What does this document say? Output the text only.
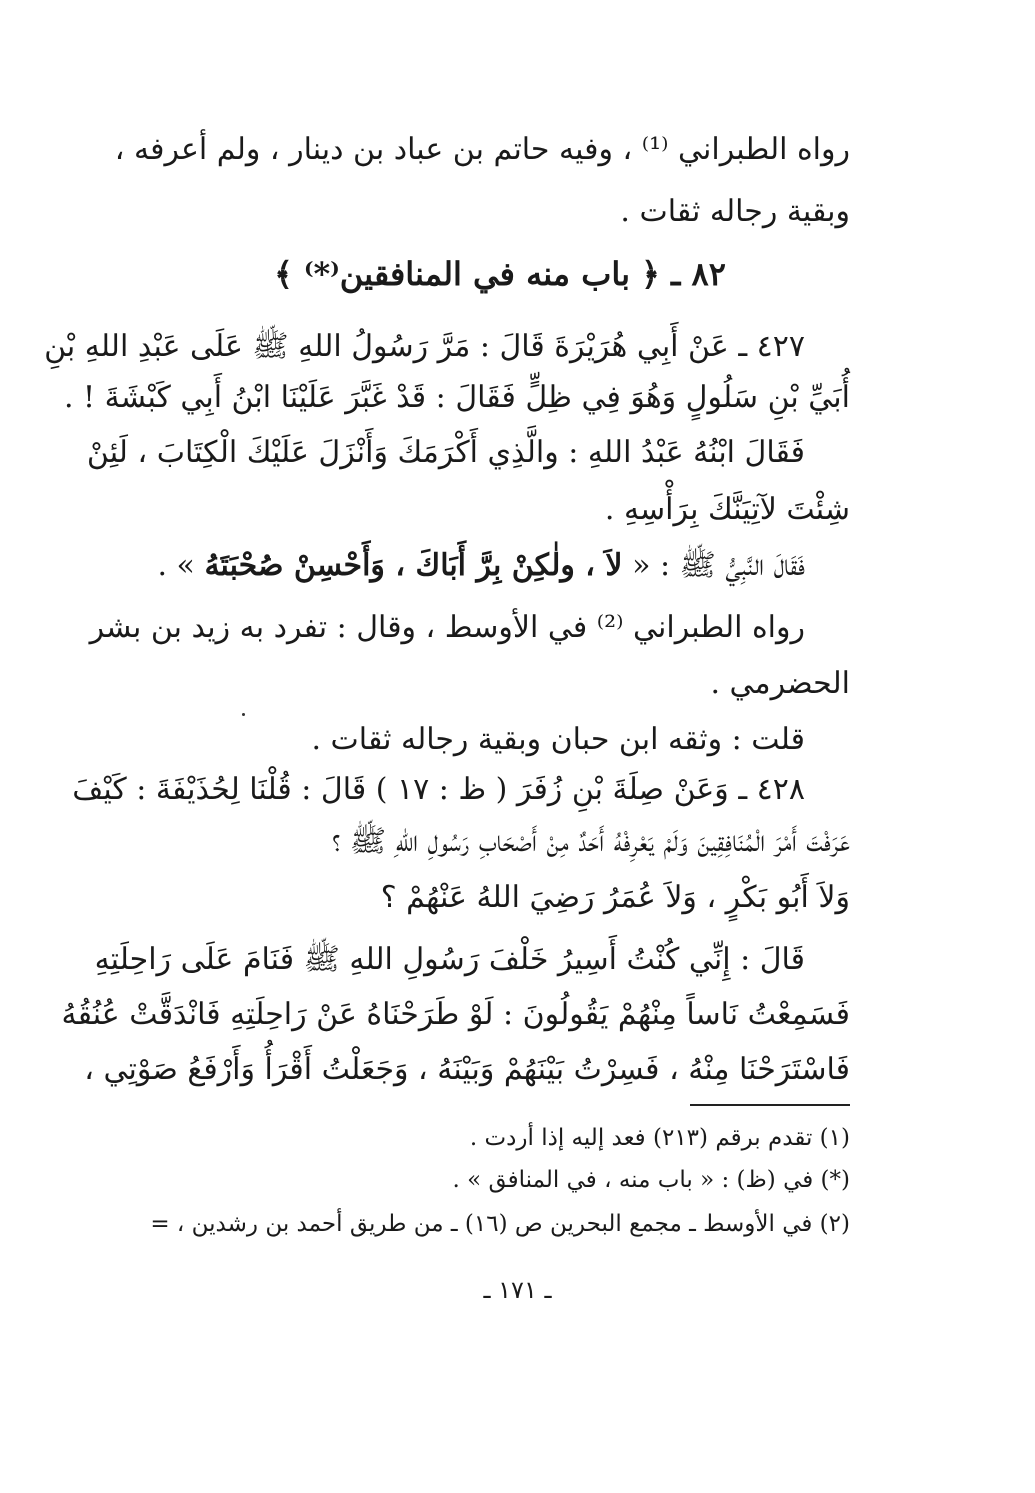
رواه الطبراني ⁽¹⁾ ، وفيه حاتم بن عباد بن دينار ، ولم أعرفه ،
وبقية رجاله ثقات .
٨٢ ـ ﴿ باب منه في المنافقين⁽*⁾ ﴾
٤٢٧ ـ عَنْ أَبِي هُرَيْرَةَ قَالَ : مَرَّ رَسُولُ اللهِ ﷺ عَلَى عَبْدِ اللهِ بْنِ
أُبَيِّ بْنِ سَلُولٍ وَهُوَ فِي ظِلٍّ فَقَالَ : قَدْ غَبَّرَ عَلَيْنَا ابْنُ أَبِي كَبْشَةَ ! .
فَقَالَ ابْنُهُ عَبْدُ اللهِ : والَّذِي أَكْرَمَكَ وَأَنْزَلَ عَلَيْكَ الْكِتَابَ ، لَئِنْ
شِئْتَ لآتِيَنَّكَ بِرَأْسِهِ .
فَقَالَ النَّبِيُّ ﷺ : « لاَ ، ولٰكِنْ بِرَّ أَبَاكَ ، وَأَحْسِنْ صُحْبَتَهُ » .
رواه الطبراني ⁽²⁾ في الأوسط ، وقال : تفرد به زيد بن بشر
الحضرمي .
قلت : وثقه ابن حبان وبقية رجاله ثقات .
٤٢٨ ـ وَعَنْ صِلَةَ بْنِ زُفَرَ ( ظ : ١٧ ) قَالَ : قُلْنَا لِحُذَيْفَةَ : كَيْفَ
عَرَفْتَ أَمْرَ الْمُنَافِقِينَ وَلَمْ يَعْرِفْهُ أَحَدٌ مِنْ أَصْحَابِ رَسُولِ اللهِ ﷺ ؟
وَلاَ أَبُو بَكْرٍ ، وَلاَ عُمَرُ رَضِيَ اللهُ عَنْهُمْ ؟
قَالَ : إِنِّي كُنْتُ أَسِيرُ خَلْفَ رَسُولِ اللهِ ﷺ فَنَامَ عَلَى رَاحِلَتِهِ
فَسَمِعْتُ نَاساً مِنْهُمْ يَقُولُونَ : لَوْ طَرَحْنَاهُ عَنْ رَاحِلَتِهِ فَانْدَقَّتْ عُنُقُهُ
فَاسْتَرَحْنَا مِنْهُ ، فَسِرْتُ بَيْنَهُمْ وَبَيْنَهُ ، وَجَعَلْتُ أَقْرَأُ وَأَرْفَعُ صَوْتِي ،
(١) تقدم برقم (٢١٣) فعد إليه إذا أردت .
(*) في (ظ) : « باب منه ، في المنافق » .
(٢) في الأوسط ـ مجمع البحرين ص (١٦) ـ من طريق أحمد بن رشدين ، =
ـ ١٧١ ـ
